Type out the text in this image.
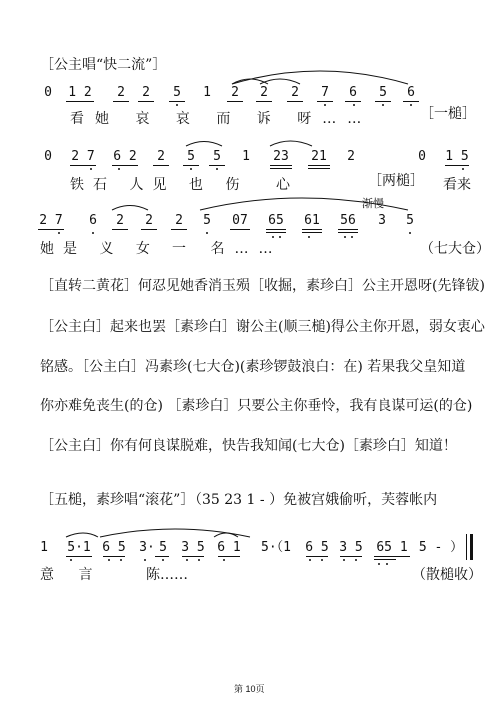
［公主唱“快二流”］
0	1 2	2	2	5	1	2	2	2	7	6	5	6
看她 哀 哀 而 诉 呀……	［一槌］
0	2 7 6 2	2	5	5	1	23	21	2	0	1 5
铁石 人见 也 伤 心	［两槌］ 看来
渐慢
2 7	6	2	2	2	5	07	65	61	56	3	5
她是 义 女 一 名……	（七大仓）
［直转二黄花］何忍见她香消玉殒［收掘，素珍白］公主开恩呀(先锋钹)
［公主白］起来也罢［素珍白］谢公主(顺三槌)得公主你开恩，弱女衷心
铭感。［公主白］冯素珍(七大仓)(素珍锣鼓浪白：在) 若果我父皇知道
你亦难免丧生(的仓) ［素珍白］只要公主你垂怜，我有良谋可运(的仓)
［公主白］你有何良谋脱难，快告我知闻(七大仓)［素珍白］知道！
［五槌，素珍唱“滚花”］
（35 23 1 - ）免被宫娥偷听，芙蓉帐内
1	5·1 6 5 3· 5	3 5 6 1	5·（1	6 5 3 5	65 1 5 - ）
意 言	陈……	（散槌收）
第 10页
